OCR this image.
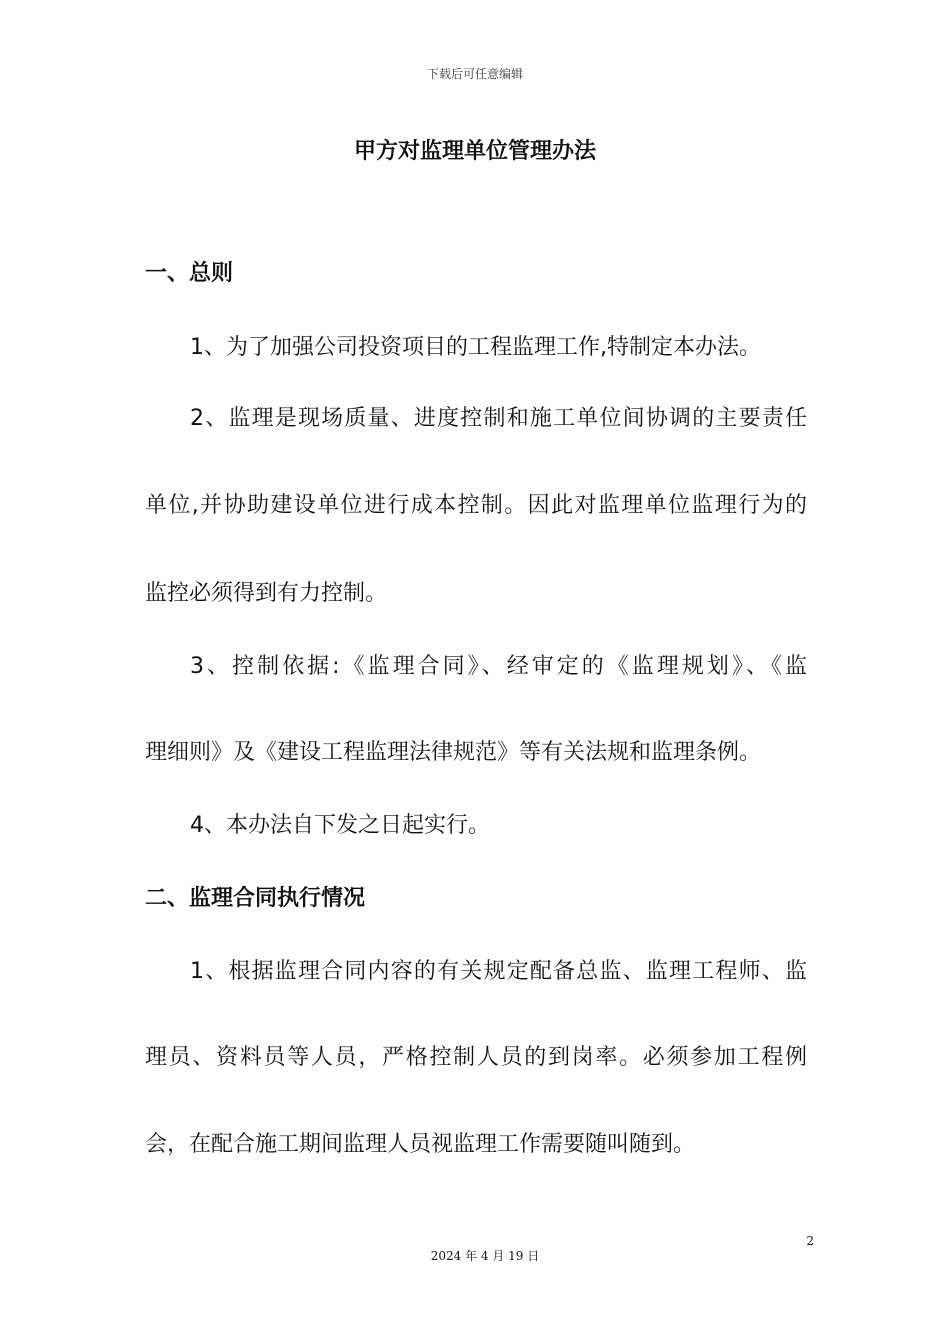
下载后可任意编辑
甲方对监理单位管理办法
一、总则
1、为了加强公司投资项目的工程监理工作,特制定本办法。
2、监理是现场质量、进度控制和施工单位间协调的主要责任
单位,并协助建设单位进行成本控制。因此对监理单位监理行为的
监控必须得到有力控制。
3、控制依据:《监理合同》、经审定的《监理规划》、《监
理细则》及《建设工程监理法律规范》等有关法规和监理条例。
4、本办法自下发之日起实行。
二、监理合同执行情况
1、根据监理合同内容的有关规定配备总监、监理工程师、监
理员、资料员等人员，严格控制人员的到岗率。必须参加工程例
会，在配合施工期间监理人员视监理工作需要随叫随到。
2
2024 年 4 月 19 日
